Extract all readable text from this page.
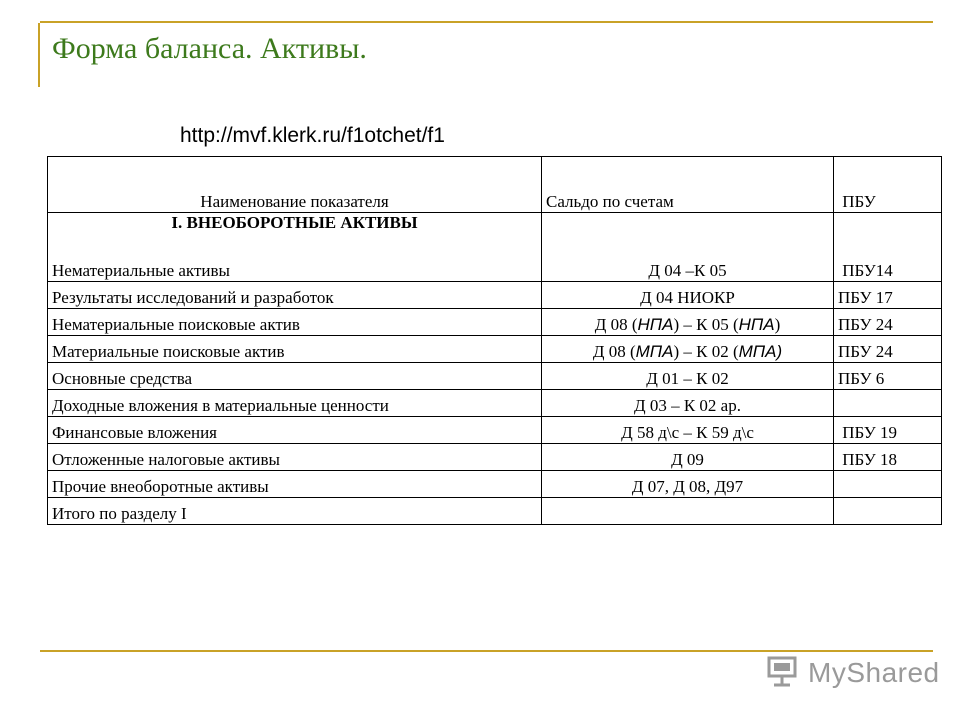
Форма баланса. Активы.
http://mvf.klerk.ru/f1otchet/f1
Наименование показателя	Сальдо по счетам	ПБУ

I. ВНЕОБОРОТНЫЕ АКТИВЫ
Нематериальные активы	Д 04 –К 05	ПБУ14
Результаты исследований и разработок	Д 04 НИОКР	ПБУ 17
Нематериальные поисковые актив	Д 08 (НПА) – К 05 (НПА)	ПБУ 24
Материальные поисковые актив	Д 08 (МПА) – К 02 (МПА)	ПБУ 24
Основные средства	Д 01 – К 02	ПБУ 6
Доходные вложения в материальные ценности	Д 03 – К 02 ар.	
Финансовые вложения	Д 58 д\с – К 59 д\с	ПБУ 19
Отложенные налоговые активы	Д 09	ПБУ 18
Прочие внеоборотные активы	Д 07, Д 08, Д97	
Итого по разделу I		
MyShared
